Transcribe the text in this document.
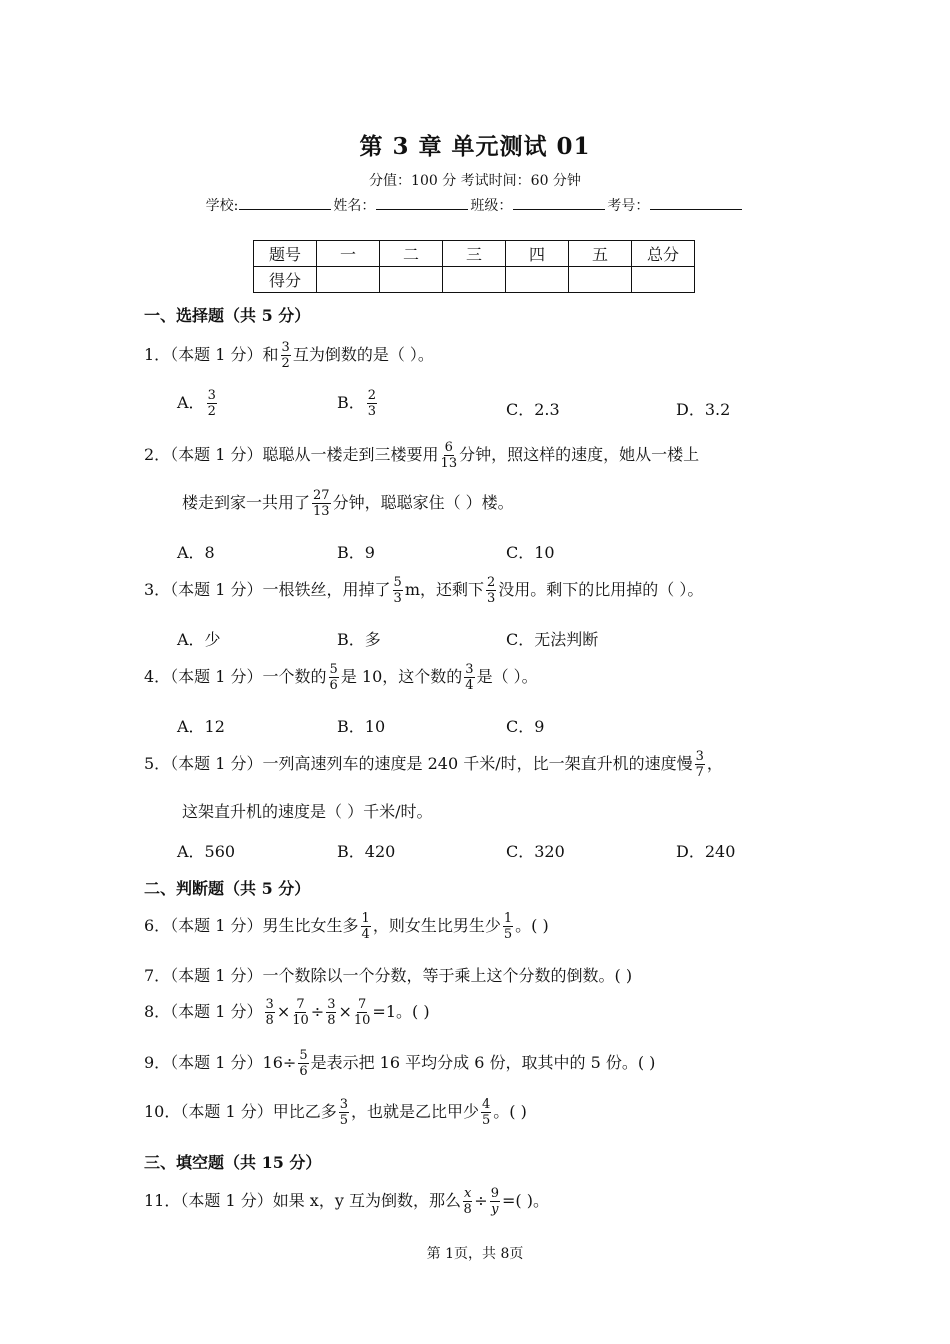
第 3 章 单元测试 01
分值：100 分 考试时间：60 分钟
学校:	姓名：	班级：	考号：
题号	一	二	三	四	五	总分
得分						
一、选择题（共 5 分）
1．（本题 1 分）和 $\frac{3}{2}$ 互为倒数的是（ ）。
A． $\frac{3}{2}$	B． $\frac{2}{3}$	C．2.3	D．3.2
2．（本题 1 分）聪聪从一楼走到三楼要用 $\frac{6}{13}$ 分钟，照这样的速度，她从一楼上
楼走到家一共用了 $\frac{27}{13}$ 分钟，聪聪家住（ ）楼。
A．8	B．9	C．10
3．（本题 1 分）一根铁丝，用掉了 $\frac{5}{3}$ m，还剩下 $\frac{2}{3}$ 没用。剩下的比用掉的（ ）。
A．少	B．多	C．无法判断
4．（本题 1 分）一个数的 $\frac{5}{6}$ 是 10，这个数的 $\frac{3}{4}$ 是（ ）。
A．12	B．10	C．9
5．（本题 1 分）一列高速列车的速度是 240 千米/时，比一架直升机的速度慢 $\frac{3}{7}$ ，
这架直升机的速度是（ ）千米/时。
A．560	B．420	C．320	D．240
二、判断题（共 5 分）
6．（本题 1 分）男生比女生多 $\frac{1}{4}$ ，则女生比男生少 $\frac{1}{5}$ 。( )
7．（本题 1 分）一个数除以一个分数，等于乘上这个分数的倒数。( )
8．（本题 1 分） $\frac{3}{8} \times \frac{7}{10} \div \frac{3}{8} \times \frac{7}{10} =1$。( )
9．（本题 1 分）$16\div \frac{5}{6}$ 是表示把 16 平均分成 6 份，取其中的 5 份。( )
10．（本题 1 分）甲比乙多 $\frac{3}{5}$ ，也就是乙比甲少 $\frac{4}{5}$ 。( )
三、填空题（共 15 分）
11．（本题 1 分）如果 x，y 互为倒数，那么 $\frac{x}{8} \div \frac{9}{y}$ =( )。
第 1页，共 8页
